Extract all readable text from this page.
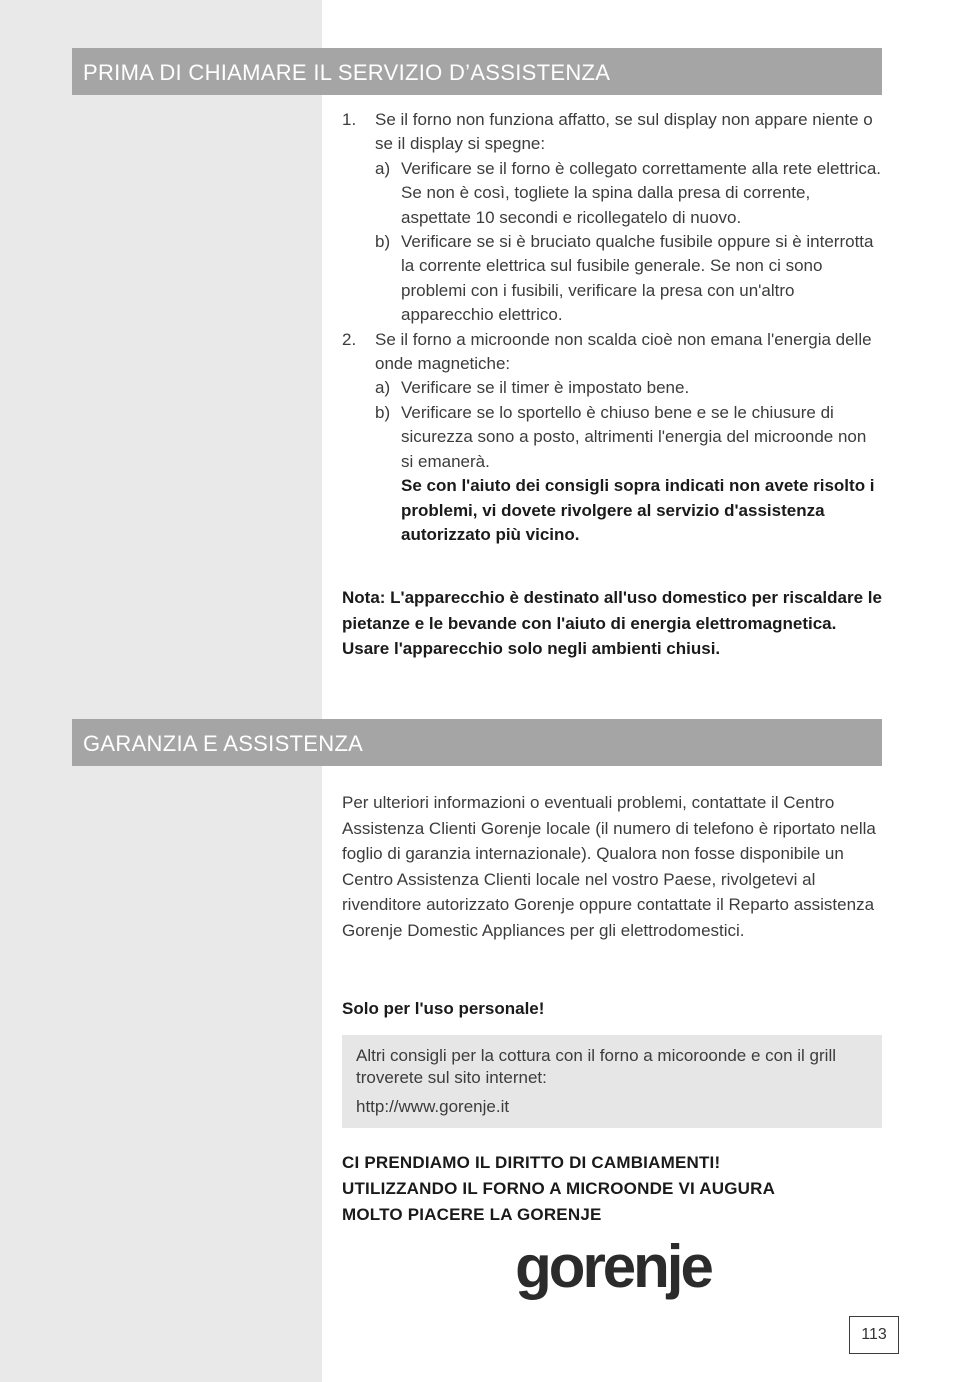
PRIMA DI CHIAMARE IL SERVIZIO D’ASSISTENZA
1. Se il forno non funziona affatto, se sul display non appare niente o se il display si spegne:
a) Verificare se il forno è collegato correttamente alla rete elettrica. Se non è così, togliete la spina dalla presa di corrente, aspettate 10 secondi e ricollegatelo di nuovo.
b) Verificare se si è bruciato qualche fusibile oppure si è interrotta la corrente elettrica sul fusibile generale. Se non ci sono problemi con i fusibili, verificare la presa con un'altro apparecchio elettrico.
2. Se il forno a microonde non scalda cioè non emana l'energia delle onde magnetiche:
a) Verificare se il timer è impostato bene.
b) Verificare se lo sportello è chiuso bene e se le chiusure di sicurezza sono a posto, altrimenti l'energia del microonde non si emanerà.
Se con l'aiuto dei consigli sopra indicati non avete risolto i problemi, vi dovete rivolgere al servizio d'assistenza autorizzato più vicino.

Nota: L'apparecchio è destinato all'uso domestico per riscaldare le pietanze e le bevande con l'aiuto di energia elettromagnetica. Usare l'apparecchio solo negli ambienti chiusi.

GARANZIA E ASSISTENZA

Per ulteriori informazioni o eventuali problemi, contattate il Centro Assistenza Clienti Gorenje locale (il numero di telefono è riportato nella foglio di garanzia internazionale). Qualora non fosse disponibile un Centro Assistenza Clienti locale nel vostro Paese, rivolgetevi al rivenditore autorizzato Gorenje oppure contattate il Reparto assistenza Gorenje Domestic Appliances per gli elettrodomestici.

Solo per l'uso personale!

Altri consigli per la cottura con il forno a micoroonde e con il grill troverete sul sito internet:
http://www.gorenje.it
CI PRENDIAMO IL DIRITTO DI CAMBIAMENTI!
UTILIZZANDO IL FORNO A MICROONDE VI AUGURA
MOLTO PIACERE LA GORENJE
gorenje
113
